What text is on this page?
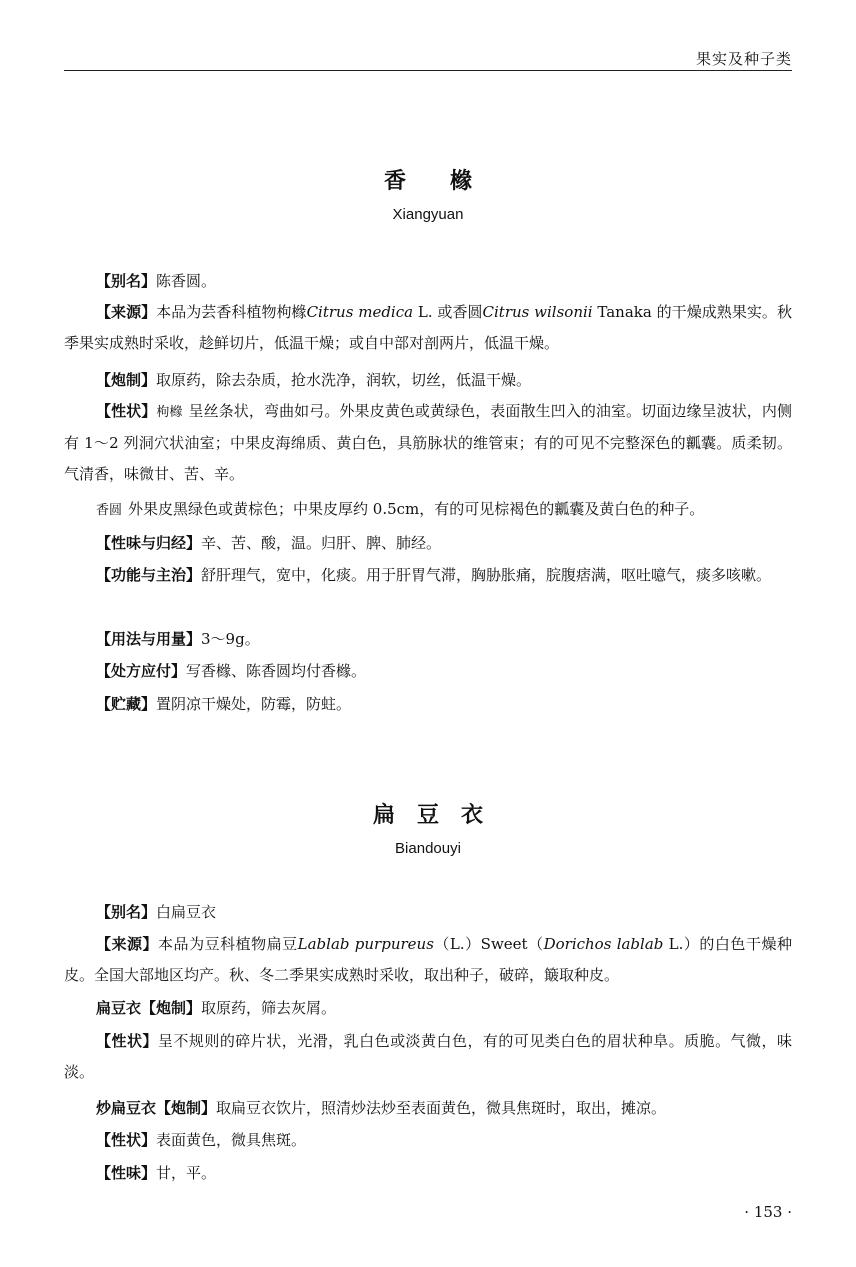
果实及种子类
香　　橼
Xiangyuan
【别名】陈香圆。
【来源】本品为芸香科植物枸橼Citrus medica L. 或香圆Citrus wilsonii Tanaka 的干燥成熟果实。秋季果实成熟时采收，趁鲜切片，低温干燥；或自中部对剖两片，低温干燥。
【炮制】取原药，除去杂质，抢水洗净，润软，切丝，低温干燥。
【性状】枸橼 呈丝条状，弯曲如弓。外果皮黄色或黄绿色，表面散生凹入的油室。切面边缘呈波状，内侧有 1～2 列洞穴状油室；中果皮海绵质、黄白色，具筋脉状的维管束；有的可见不完整深色的瓤囊。质柔韧。气清香，味微甘、苦、辛。
香圆 外果皮黑绿色或黄棕色；中果皮厚约 0.5cm，有的可见棕褐色的瓤囊及黄白色的种子。
【性味与归经】辛、苦、酸，温。归肝、脾、肺经。
【功能与主治】舒肝理气，宽中，化痰。用于肝胃气滞，胸胁胀痛，脘腹痞满，呕吐噫气，痰多咳嗽。
【用法与用量】3～9g。
【处方应付】写香橼、陈香圆均付香橼。
【贮藏】置阴凉干燥处，防霉，防蛀。
扁　豆　衣
Biandouyi
【别名】白扁豆衣
【来源】本品为豆科植物扁豆Lablab purpureus（L.）Sweet（Dorichos lablab L.）的白色干燥种皮。全国大部地区均产。秋、冬二季果实成熟时采收，取出种子，破碎，簸取种皮。
扁豆衣【炮制】取原药，筛去灰屑。
【性状】呈不规则的碎片状，光滑，乳白色或淡黄白色，有的可见类白色的眉状种阜。质脆。气微，味淡。
炒扁豆衣【炮制】取扁豆衣饮片，照清炒法炒至表面黄色，微具焦斑时，取出，摊凉。
【性状】表面黄色，微具焦斑。
【性味】甘，平。
· 153 ·
